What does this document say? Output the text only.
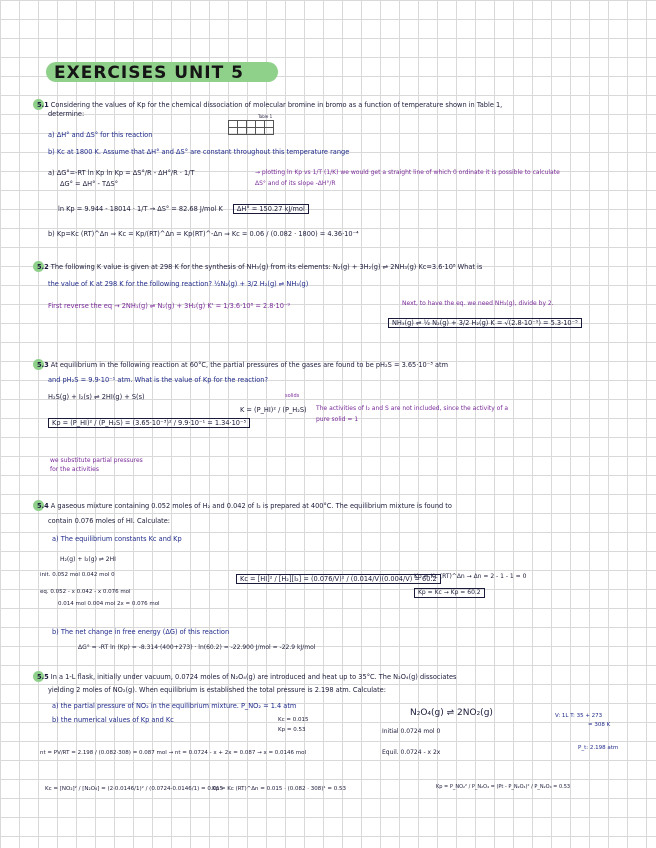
EXERCISES UNIT 5
5.1 Considering the values of Kp for the chemical dissociation of molecular bromine in bromo as a function of temperature shown in Table 1,
determine:	Table 1

a) ΔH° and ΔS° for this reaction
b) Kc at 1800 K. Assume that ΔH° and ΔS° are constant throughout this temperature range
a) ΔG°=-RT ln Kp ln Kp = ΔS°/R - ΔH°/R · 1/T
ΔG° = ΔH° - TΔS°
→ plotting ln Kp vs 1/T (1/K) we would get a straight line of which 0 ordinate it is possible to calculate
ΔS° and of its slope -ΔH°/R
ln Kp = 9.944 - 18014 · 1/T → ΔS° = 82.68 J/mol K ΔH° = 150.27 kJ/mol
b) Kp=Kc (RT)^Δn ⇒ Kc = Kp/(RT)^Δn = Kp(RT)^-Δn ⇒ Kc = 0.06 / (0.082 · 1800) = 4.36·10⁻⁴
5.2 The following K value is given at 298 K for the synthesis of NH₃(g) from its elements: N₂(g) + 3H₂(g) ⇌ 2NH₃(g) Kc=3.6·10⁸ What is
the value of K at 298 K for the following reaction? ½N₂(g) + 3/2 H₂(g) ⇌ NH₃(g)
First reverse the eq → 2NH₃(g) ⇌ N₂(g) + 3H₂(g) K' = 1/3.6·10⁸ = 2.8·10⁻⁹	Next, to have the eq. we need NH₃(g), divide by 2.
NH₃(g) ⇌ ½ N₂(g) + 3/2 H₂(g) K = √(2.8·10⁻⁹) = 5.3·10⁻⁵
5.3 At equilibrium in the following reaction at 60°C, the partial pressures of the gases are found to be pH₂S = 3.65·10⁻³ atm
and pH₂S = 9.9·10⁻¹ atm. What is the value of Kp for the reaction?
H₂S(g) + I₂(s) ⇌ 2HI(g) + S(s)
Kp = (P_HI)² / (P_H₂S) = (3.65·10⁻³)² / 9.9·10⁻¹ = 1.34·10⁻⁵
K = (P_HI)² / (P_H₂S)
solids
The activities of I₂ and S are not included, since the activity of a
pure solid = 1
we substitute partial pressures
for the activities
5.4 A gaseous mixture containing 0.052 moles of H₂ and 0.042 of I₂ is prepared at 400°C. The equilibrium mixture is found to
contain 0.076 moles of HI. Calculate:
a) The equilibrium constants Kc and Kp
H₂(g) + I₂(g) ⇌ 2HI
init. 0.052 mol 0.042 mol 0
eq. 0.052 - x 0.042 - x 0.076 mol
0.014 mol 0.004 mol 2x = 0.076 mol
Kc = [HI]² / [H₂][I₂] = (0.076/V)² / (0.014/V)(0.004/V) = 60.2
Kp = Kc (RT)^Δn → Δn = 2 - 1 - 1 = 0
Kp = Kc → Kp = 60.2
b) The net change in free energy (ΔG) of this reaction
ΔG° = -RT ln (Kp) = -8.314·(400+273) · ln(60.2) = -22.900 J/mol = -22.9 kJ/mol
5.5 In a 1-L flask, initially under vacuum, 0.0724 moles of N₂O₄(g) are introduced and heat up to 35°C. The N₂O₄(g) dissociates
yielding 2 moles of NO₂(g). When equilibrium is established the total pressure is 2.198 atm. Calculate:
a) the partial pressure of NO₂ in the equilibrium mixture. P_NO₂ = 1.4 atm
b) the numerical values of Kp and Kc	Kc = 0.015
Kp = 0.53
N₂O₄(g) ⇌ 2NO₂(g)
Initial 0.0724 mol 0
Equil. 0.0724 - x 2x
V: 1L T: 35 + 273
= 308 K
P_t: 2.198 atm
nt = PV/RT = 2.198 / (0.082·308) = 0.087 mol → nt = 0.0724 - x + 2x = 0.087 → x = 0.0146 mol
Kc = [NO₂]² / [N₂O₄] = (2·0.0146/1)² / (0.0724-0.0146/1) = 0.015
Kp = Kc (RT)^Δn = 0.015 · (0.082 · 308)¹ = 0.53	Kp = P_NO₂² / P_N₂O₄ = (Pt - P_N₂O₄)² / P_N₂O₄ = 0.53
